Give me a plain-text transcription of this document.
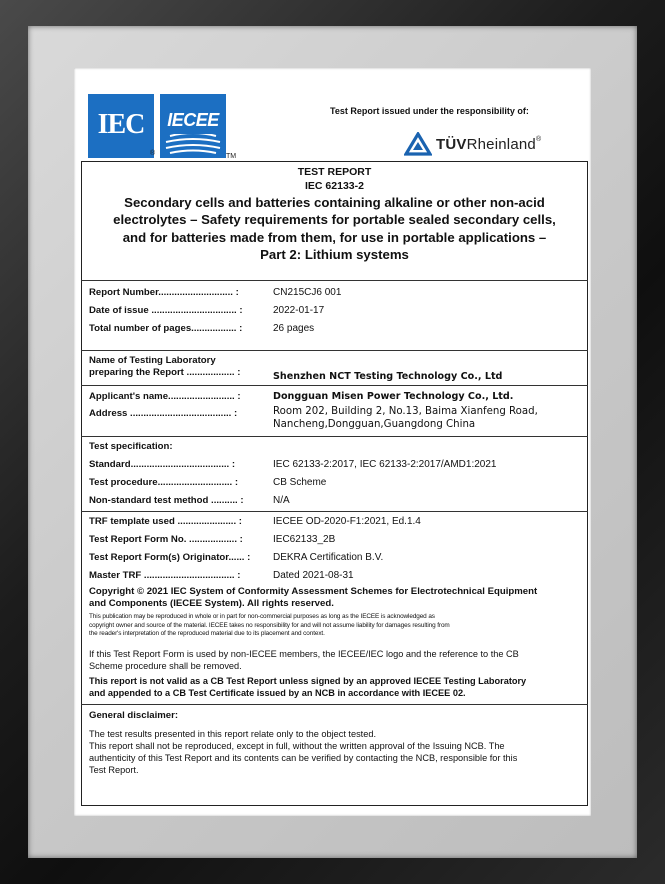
IEC
®
IECEE
TM
Test Report issued under the responsibility of:
TÜVRheinland®
TEST REPORT
IEC 62133-2
Secondary cells and batteries containing alkaline or other non-acid
electrolytes – Safety requirements for portable sealed secondary cells,
and for batteries made from them, for use in portable applications –
Part 2: Lithium systems
Report Number............................ :	CN215CJ6 001
Date of issue ................................ :	2022-01-17
Total number of pages................. :	26 pages
Name of Testing Laboratory
preparing the Report .................. :	Shenzhen NCT Testing Technology Co., Ltd
Applicant's name......................... :	Dongguan Misen Power Technology Co., Ltd.
Address ...................................... :	Room 202, Building 2, No.13, Baima Xianfeng Road,
Nancheng,Dongguan,Guangdong China
Test specification:
Standard..................................... :	IEC 62133-2:2017, IEC 62133-2:2017/AMD1:2021
Test procedure............................ :	CB Scheme
Non-standard test method .......... :	N/A
TRF template used ...................... :	IECEE OD-2020-F1:2021, Ed.1.4
Test Report Form No. .................. :	IEC62133_2B
Test Report Form(s) Originator...... : DEKRA Certification B.V.
Master TRF .................................. :	Dated 2021-08-31
Copyright © 2021 IEC System of Conformity Assessment Schemes for Electrotechnical Equipment
and Components (IECEE System). All rights reserved.
This publication may be reproduced in whole or in part for non-commercial purposes as long as the IECEE is acknowledged as
copyright owner and source of the material. IECEE takes no responsibility for and will not assume liability for damages resulting from
the reader's interpretation of the reproduced material due to its placement and context.
If this Test Report Form is used by non-IECEE members, the IECEE/IEC logo and the reference to the CB
Scheme procedure shall be removed.
This report is not valid as a CB Test Report unless signed by an approved IECEE Testing Laboratory
and appended to a CB Test Certificate issued by an NCB in accordance with IECEE 02.
General disclaimer:
The test results presented in this report relate only to the object tested.
This report shall not be reproduced, except in full, without the written approval of the Issuing NCB. The
authenticity of this Test Report and its contents can be verified by contacting the NCB, responsible for this
Test Report.
